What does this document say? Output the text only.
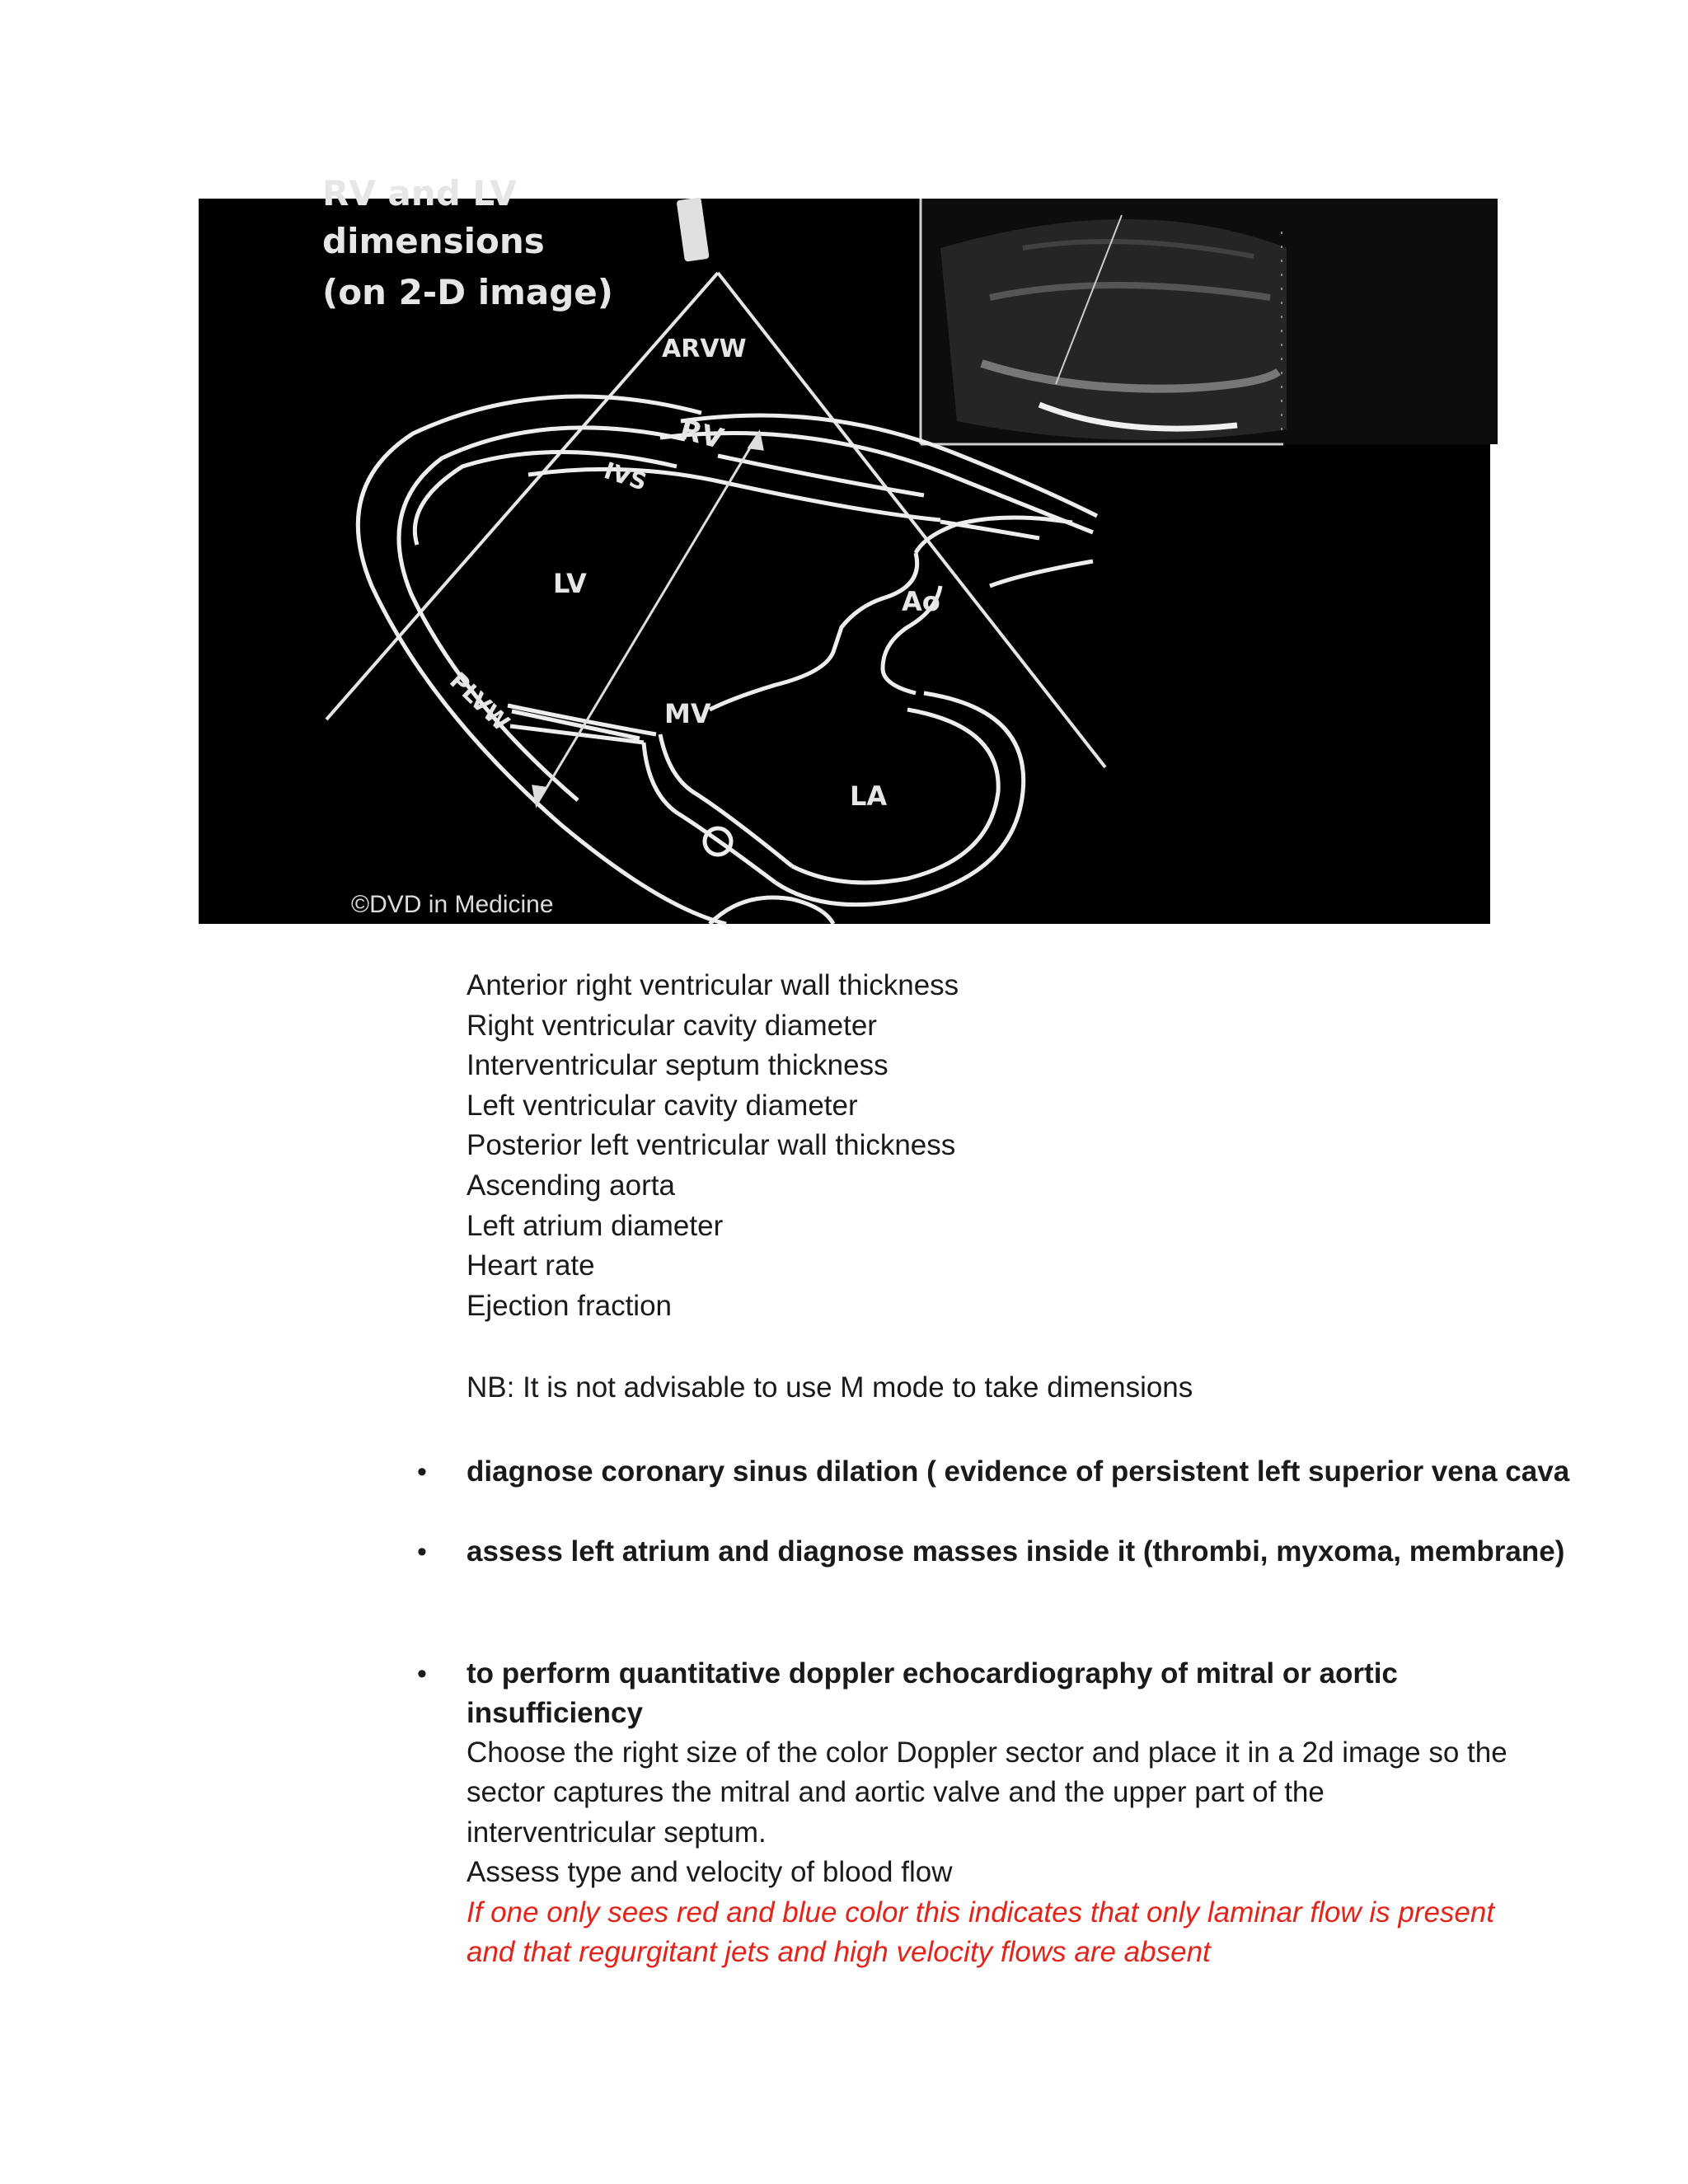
RV and LV
dimensions
(on 2-D image)
ARVW
RV
IVS
LV
Ao
MV
LA
PLVW
©DVD in Medicine
Anterior right ventricular wall thickness
Right ventricular cavity diameter
Interventricular septum thickness
Left ventricular cavity diameter
Posterior left ventricular wall thickness
Ascending aorta
Left atrium diameter
Heart rate
Ejection fraction
NB: It is not advisable to use M mode to take dimensions
• diagnose coronary sinus dilation ( evidence of persistent left superior vena cava
• assess left atrium and diagnose masses inside it (thrombi, myxoma, membrane)
• to perform quantitative doppler echocardiography of mitral or aortic
insufficiency

Choose the right size of the color Doppler sector and place it in a 2d image so the

sector captures the mitral and aortic valve and the upper part of the

interventricular septum.

Assess type and velocity of blood flow

If one only sees red and blue color this indicates that only laminar flow is present

and that regurgitant jets and high velocity flows are absent
